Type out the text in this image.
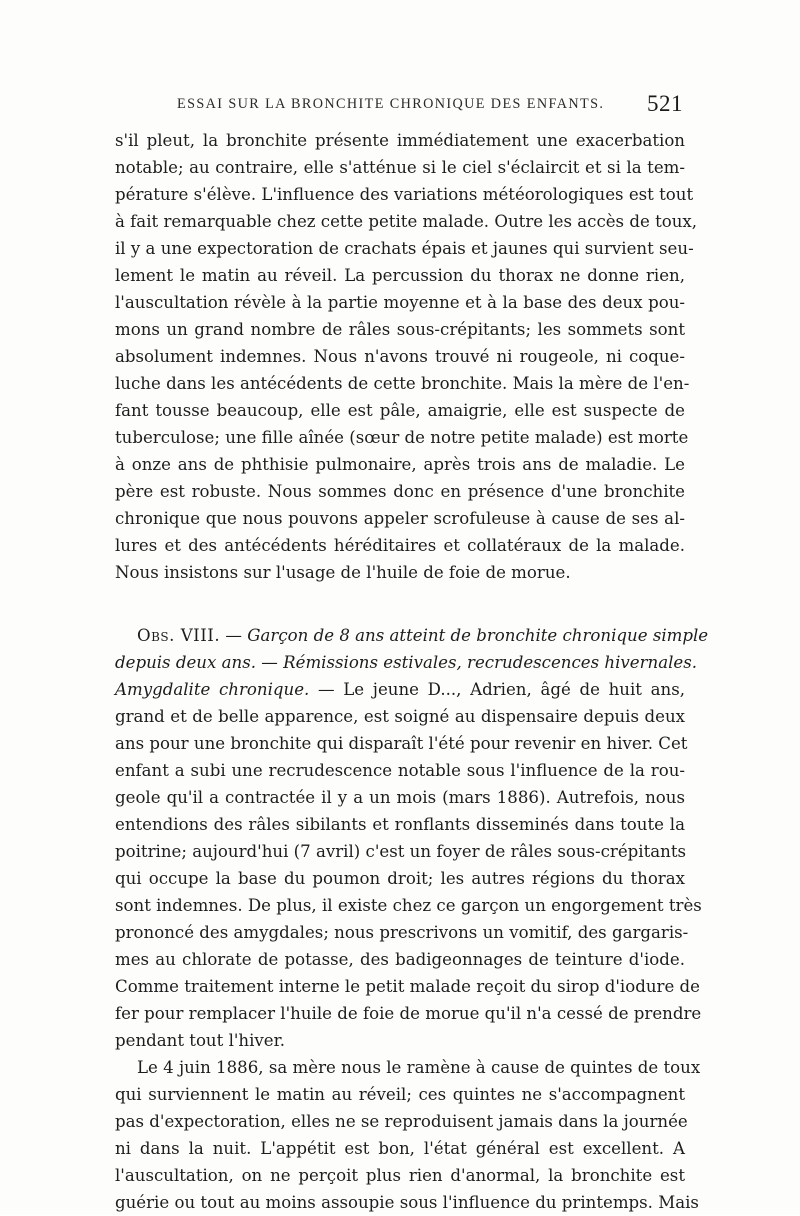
ESSAI SUR LA BRONCHITE CHRONIQUE DES ENFANTS. 521
s'il pleut, la bronchite présente immédiatement une exacerbation
notable; au contraire, elle s'atténue si le ciel s'éclaircit et si la tem-
pérature s'élève. L'influence des variations météorologiques est tout
à fait remarquable chez cette petite malade. Outre les accès de toux,
il y a une expectoration de crachats épais et jaunes qui survient seu-
lement le matin au réveil. La percussion du thorax ne donne rien,
l'auscultation révèle à la partie moyenne et à la base des deux pou-
mons un grand nombre de râles sous-crépitants; les sommets sont
absolument indemnes. Nous n'avons trouvé ni rougeole, ni coque-
luche dans les antécédents de cette bronchite. Mais la mère de l'en-
fant tousse beaucoup, elle est pâle, amaigrie, elle est suspecte de
tuberculose; une fille aînée (sœur de notre petite malade) est morte
à onze ans de phthisie pulmonaire, après trois ans de maladie. Le
père est robuste. Nous sommes donc en présence d'une bronchite
chronique que nous pouvons appeler scrofuleuse à cause de ses al-
lures et des antécédents héréditaires et collatéraux de la malade.
Nous insistons sur l'usage de l'huile de foie de morue.
Obs. VIII. — Garçon de 8 ans atteint de bronchite chronique simple
depuis deux ans. — Rémissions estivales, recrudescences hivernales.
Amygdalite chronique. — Le jeune D..., Adrien, âgé de huit ans,
grand et de belle apparence, est soigné au dispensaire depuis deux
ans pour une bronchite qui disparaît l'été pour revenir en hiver. Cet
enfant a subi une recrudescence notable sous l'influence de la rou-
geole qu'il a contractée il y a un mois (mars 1886). Autrefois, nous
entendions des râles sibilants et ronflants disseminés dans toute la
poitrine; aujourd'hui (7 avril) c'est un foyer de râles sous-crépitants
qui occupe la base du poumon droit; les autres régions du thorax
sont indemnes. De plus, il existe chez ce garçon un engorgement très
prononcé des amygdales; nous prescrivons un vomitif, des gargaris-
mes au chlorate de potasse, des badigeonnages de teinture d'iode.
Comme traitement interne le petit malade reçoit du sirop d'iodure de
fer pour remplacer l'huile de foie de morue qu'il n'a cessé de prendre
pendant tout l'hiver.
Le 4 juin 1886, sa mère nous le ramène à cause de quintes de toux
qui surviennent le matin au réveil; ces quintes ne s'accompagnent
pas d'expectoration, elles ne se reproduisent jamais dans la journée
ni dans la nuit. L'appétit est bon, l'état général est excellent. A
l'auscultation, on ne perçoit plus rien d'anormal, la bronchite est
guérie ou tout au moins assoupie sous l'influence du printemps. Mais
